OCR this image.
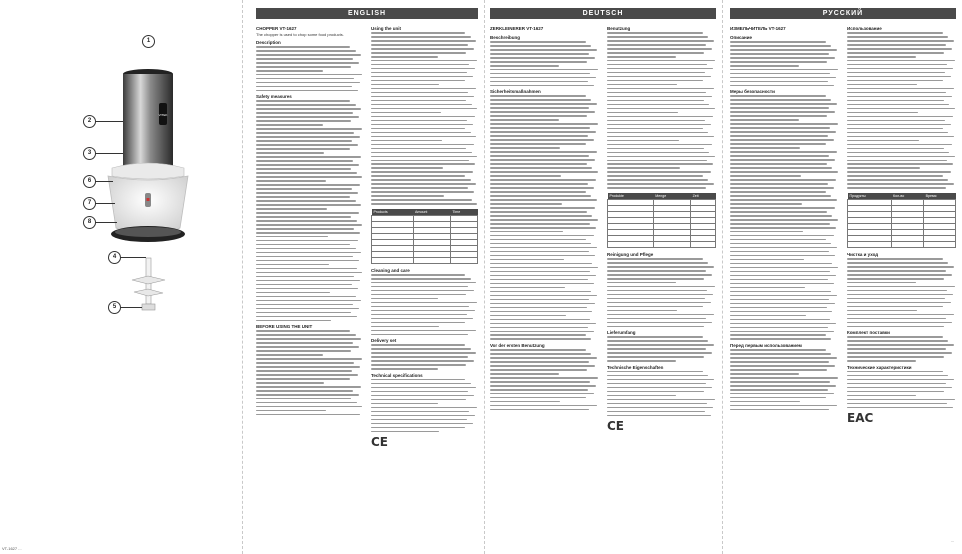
1
VITEK
2
3
6
7
8
4
5
VT-1627 ...
ENGLISH
CHOPPER VT-1627
The chopper is used to chop some food products.
Description
Safety measures
BEFORE USING THE UNIT
Using the unit
Products	Amount	Time

Cleaning and care
Delivery set
Technical specifications
CE
DEUTSCH
ZERKLEINERER VT-1627
Beschreibung
Sicherheitsmaßnahmen
Vor der ersten Benutzung
Benutzung
Produkte	Menge	Zeit

Reinigung und Pflege
Lieferumfang
Technische Eigenschaften
CE
РУССКИЙ
ИЗМЕЛЬЧИТЕЛЬ VT-1627
Описание
Меры безопасности
Перед первым использованием
Использование
Продукты	Кол-во	Время

Чистка и уход
Комплект поставки
Технические характеристики
EAC
...
